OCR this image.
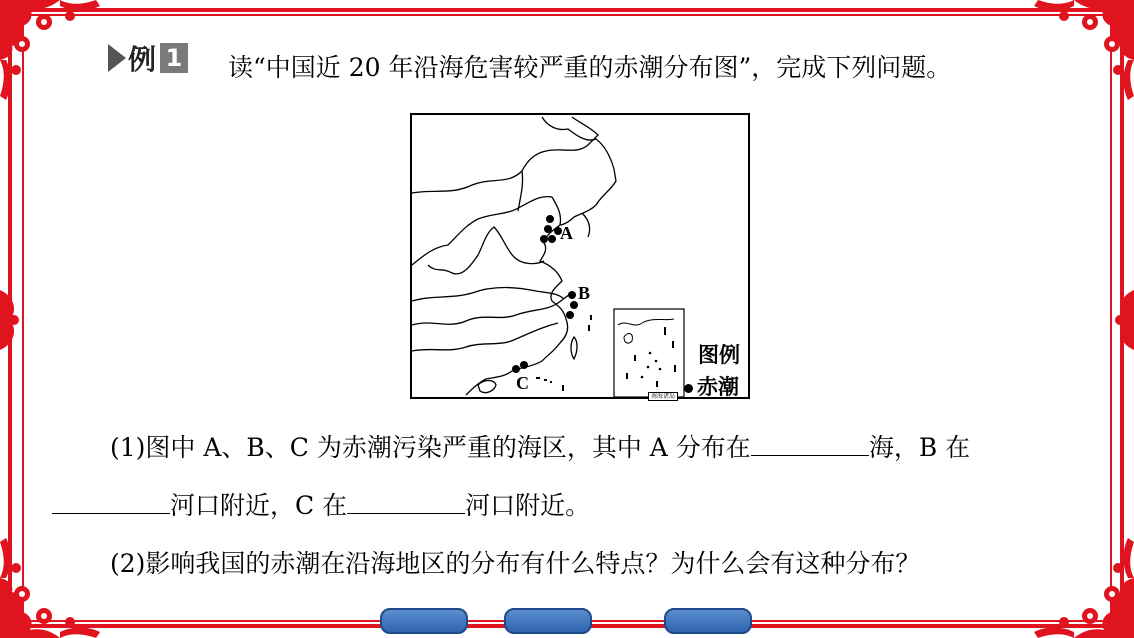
例 1 读“中国近 20 年沿海危害较严重的赤潮分布图”，完成下列问题。
A
B
C
南海诸岛
图例
赤潮
(1)图中 A、B、C 为赤潮污染严重的海区，其中 A 分布在	海，B 在
河口附近，C 在	河口附近。
(2)影响我国的赤潮在沿海地区的分布有什么特点？为什么会有这种分布？
